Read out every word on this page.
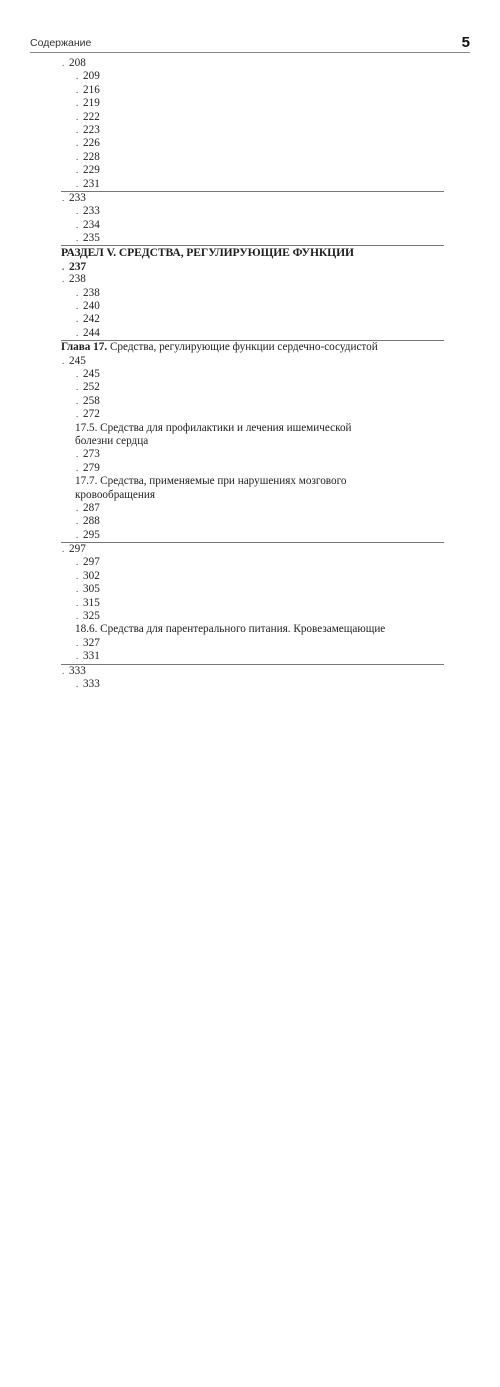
Содержание	5
. . .
208
. . .
209
. . .
216
. . .
219
. . .
222
. . .
223
. . .
226
. . .
228
. . .
229
. . .
231
. . .
233
. . .
233
. . .
234
. . .
235
РАЗДЕЛ V. СРЕДСТВА, РЕГУЛИРУЮЩИЕ ФУНКЦИИ
. . .
237
. . .
238
. . .
238
. . .
240
. . .
242
. . .
244
Глава 17. Средства, регулирующие функции сердечно-сосудистой
. . .
245
. . .
245
. . .
252
. . .
258
. . .
272
17.5. Средства для профилактики и лечения ишемической
болезни сердца
. . .
273
. . .
279
17.7. Средства, применяемые при нарушениях мозгового
кровообращения
. . .
287
. . .
288
. . .
295
. . .
297
. . .
297
. . .
302
. . .
305
. . .
315
. . .
325
18.6. Средства для парентерального питания. Кровезамещающие
. . .
327
. . .
331
. . .
333
. . .
333
